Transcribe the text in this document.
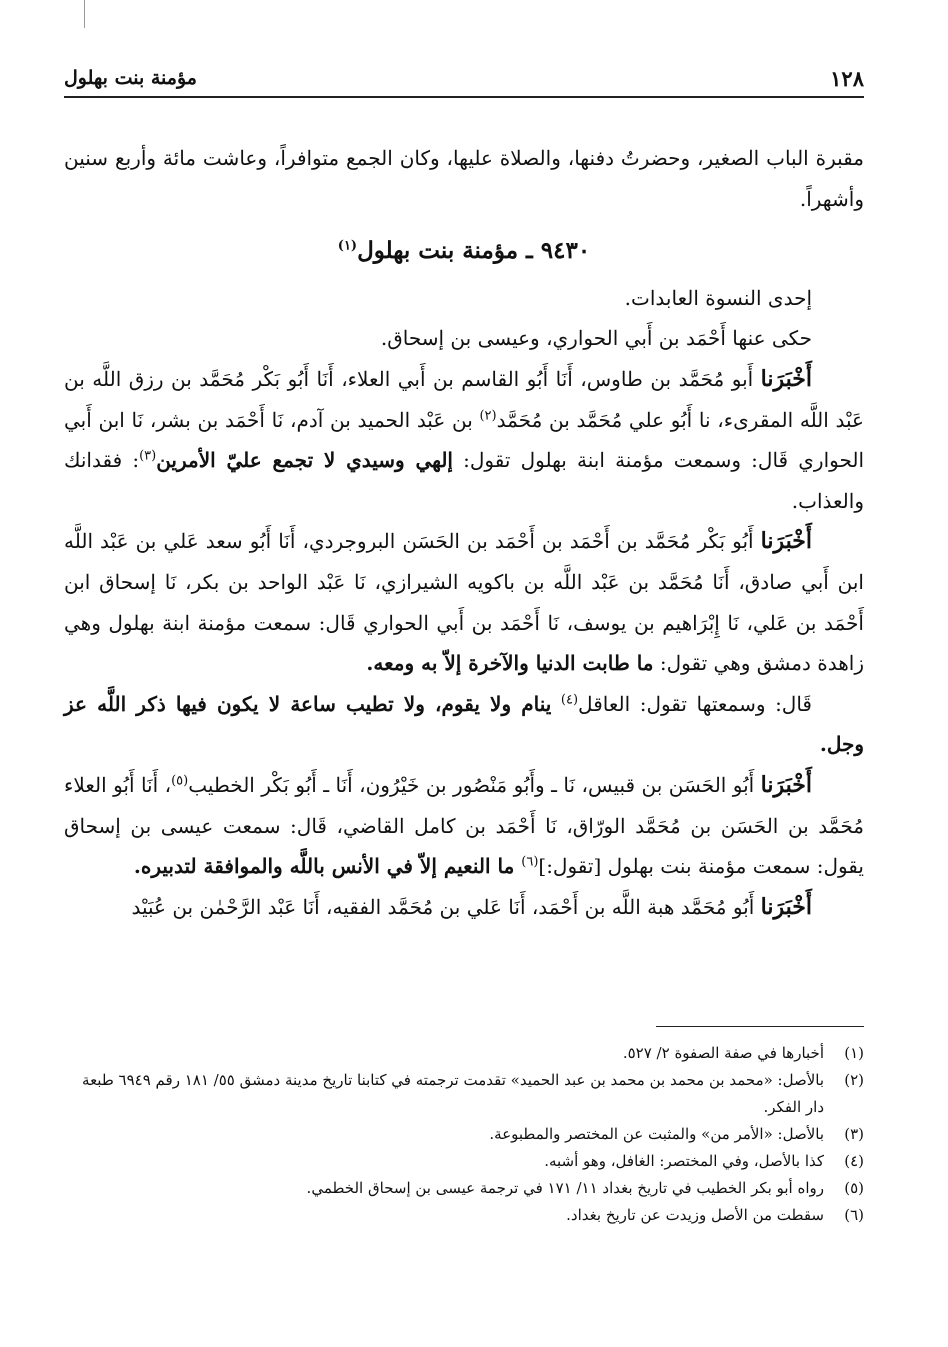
١٢٨
مؤمنة بنت بهلول

مقبرة الباب الصغير، وحضرتُ دفنها، والصلاة عليها، وكان الجمع متوافراً، وعاشت مائة وأربع سنين وأشهراً.

٩٤٣٠ ـ مؤمنة بنت بهلول$^{(١)}$

إحدى النسوة العابدات.

حكى عنها أَحْمَد بن أَبي الحواري، وعيسى بن إسحاق.

أَخْبَرَنا أَبو مُحَمَّد بن طاوس، أَنَا أَبُو القاسم بن أَبي العلاء، أَنَا أَبُو بَكْر مُحَمَّد بن رزق اللَّه بن عَبْد اللَّه المقرىء، نا أَبُو علي مُحَمَّد بن مُحَمَّد$^{(٢)}$ بن عَبْد الحميد بن آدم، نَا أَحْمَد بن بشر، نَا ابن أَبي الحواري قَال: وسمعت مؤمنة ابنة بهلول تقول: إلهي وسيدي لا تجمع عليّ الأمرين$^{(٣)}$: فقدانك والعذاب.

أَخْبَرَنا أَبُو بَكْر مُحَمَّد بن أَحْمَد بن أَحْمَد بن الحَسَن البروجردي، أَنَا أَبُو سعد عَلي بن عَبْد اللَّه ابن أَبي صادق، أَنَا مُحَمَّد بن عَبْد اللَّه بن باكويه الشيرازي، نَا عَبْد الواحد بن بكر، نَا إسحاق ابن أَحْمَد بن عَلي، نَا إِبْرَاهيم بن يوسف، نَا أَحْمَد بن أَبي الحواري قَال: سمعت مؤمنة ابنة بهلول وهي زاهدة دمشق وهي تقول: ما طابت الدنيا والآخرة إلاّ به ومعه.

قَال: وسمعتها تقول: العاقل$^{(٤)}$ ينام ولا يقوم، ولا تطيب ساعة لا يكون فيها ذكر اللَّه عز وجل.

أَخْبَرَنا أَبُو الحَسَن بن قبيس، نَا ـ وأَبُو مَنْصُور بن خَيْرُون، أَنَا ـ أَبُو بَكْر الخطيب$^{(٥)}$، أَنَا أَبُو العلاء مُحَمَّد بن الحَسَن بن مُحَمَّد الورّاق، نَا أَحْمَد بن كامل القاضي، قَال: سمعت عيسى بن إسحاق يقول: سمعت مؤمنة بنت بهلول [تقول:]$^{(٦)}$ ما النعيم إلاّ في الأنس باللَّه والموافقة لتدبيره.

أَخْبَرَنا أَبُو مُحَمَّد هبة اللَّه بن أَحْمَد، أَنَا عَلي بن مُحَمَّد الفقيه، أَنَا عَبْد الرَّحْمٰن بن عُبَيْد

(١)
أخبارها في صفة الصفوة ٢/ ٥٢٧.

(٢)
بالأصل: «محمد بن محمد بن محمد بن عبد الحميد» تقدمت ترجمته في كتابنا تاريخ مدينة دمشق ٥٥/ ١٨١ رقم ٦٩٤٩ طبعة دار الفكر.

(٣)
بالأصل: «الأمر من» والمثبت عن المختصر والمطبوعة.

(٤)
كذا بالأصل، وفي المختصر: الغافل، وهو أشبه.

(٥)
رواه أبو بكر الخطيب في تاريخ بغداد ١١/ ١٧١ في ترجمة عيسى بن إسحاق الخطمي.

(٦)
سقطت من الأصل وزيدت عن تاريخ بغداد.
